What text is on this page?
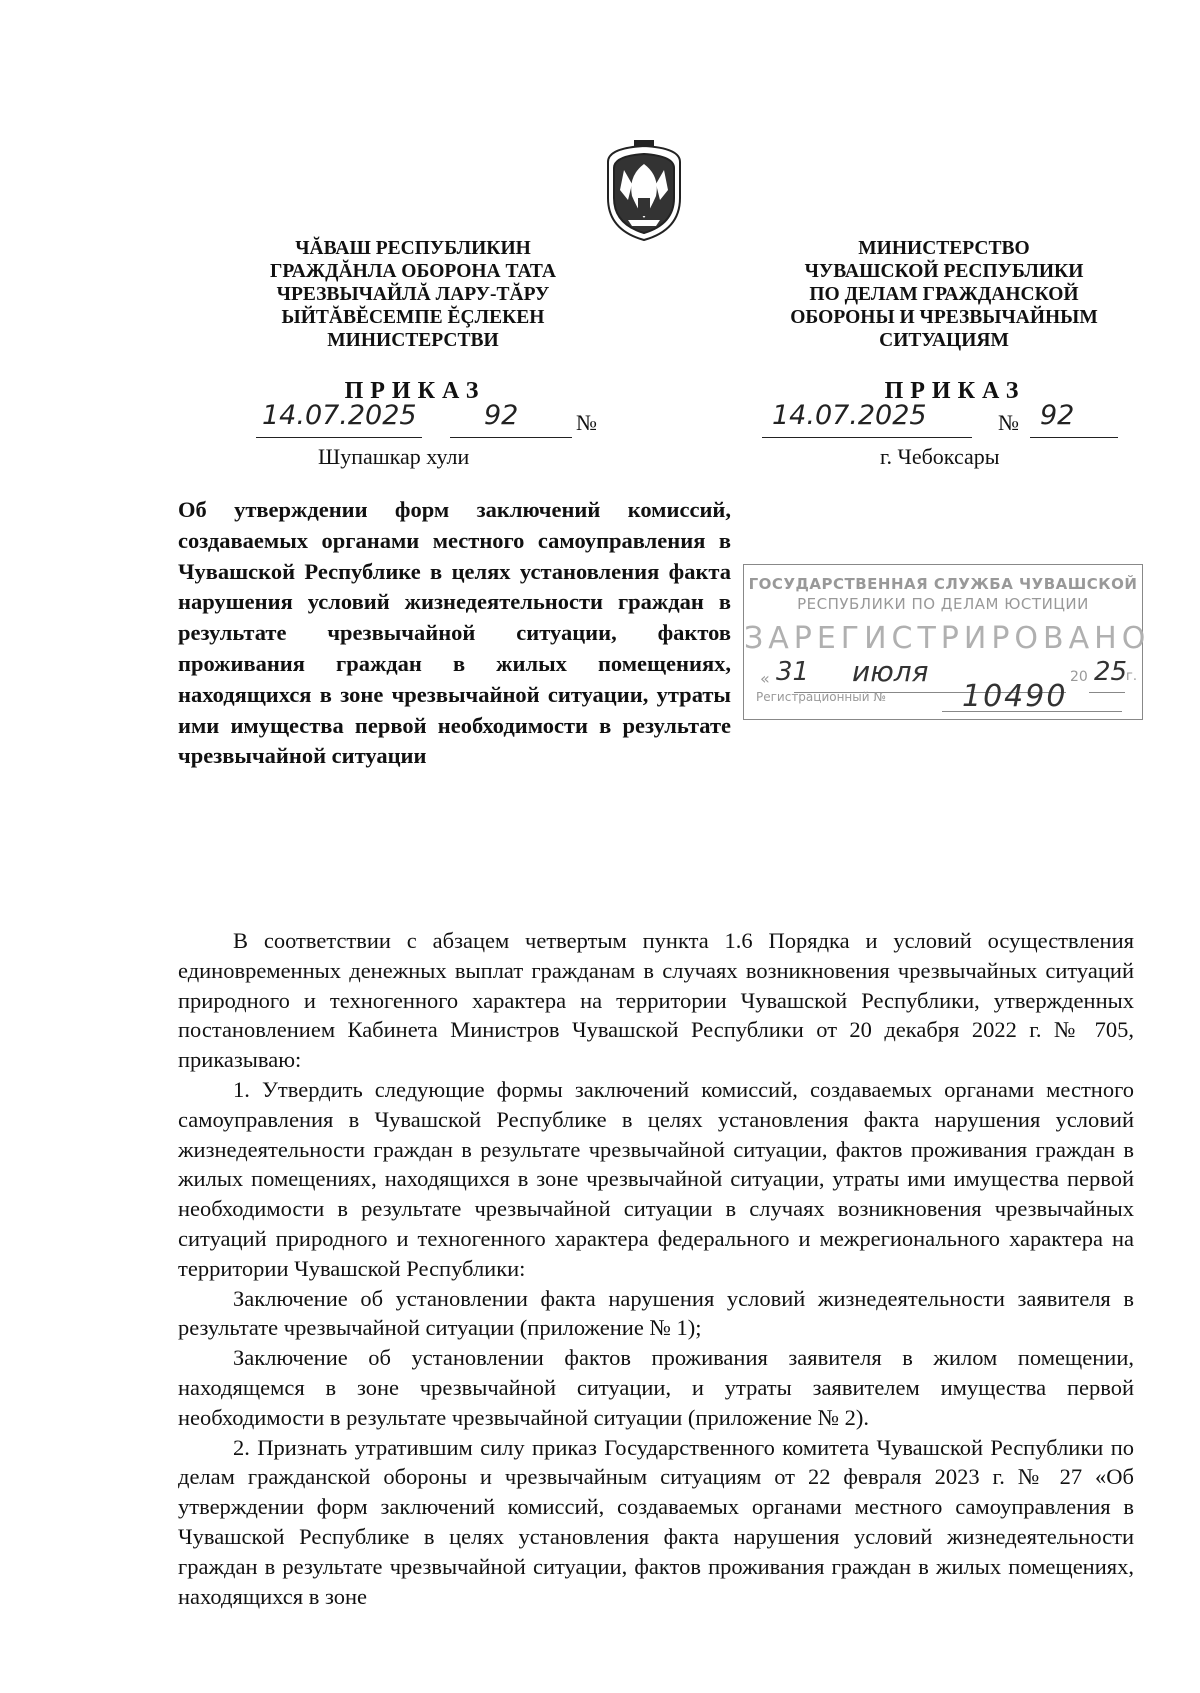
ЧĂВАШ РЕСПУБЛИКИН
ГРАЖДĂНЛА ОБОРОНА ТАТА
ЧРЕЗВЫЧАЙЛĂ ЛАРУ-ТĂРУ
ЫЙТĂВĔСЕМПЕ ĔÇЛЕКЕН
МИНИСТЕРСТВИ
МИНИСТЕРСТВО
ЧУВАШСКОЙ РЕСПУБЛИКИ
ПО ДЕЛАМ ГРАЖДАНСКОЙ
ОБОРОНЫ И ЧРЕЗВЫЧАЙНЫМ
СИТУАЦИЯМ
ПРИКАЗ	ПРИКАЗ
14.07.2025 92	№
Шупашкар хули
14.07.2025	№ 92
г. Чебоксары
Об утверждении форм заключений комиссий, создаваемых органами местного самоуправления в Чувашской Республике в целях установления факта нарушения условий жизнедеятельности граждан в результате чрезвычайной ситуации, фактов проживания граждан в жилых помещениях, находящихся в зоне чрезвычайной ситуации, утраты ими имущества первой необходимости в результате чрезвычайной ситуации
ГОСУДАРСТВЕННАЯ СЛУЖБА ЧУВАШСКОЙ
РЕСПУБЛИКИ ПО ДЕЛАМ ЮСТИЦИИ
ЗАРЕГИСТРИРОВАНО
« 31 июля	20 25
г.
Регистрационный №	10490

В соответствии с абзацем четвертым пункта 1.6 Порядка и условий осуществления единовременных денежных выплат гражданам в случаях возникновения чрезвычайных ситуаций природного и техногенного характера на территории Чувашской Республики, утвержденных постановлением Кабинета Министров Чувашской Республики от 20 декабря 2022 г. № 705, приказываю:

1. Утвердить следующие формы заключений комиссий, создаваемых органами местного самоуправления в Чувашской Республике в целях установления факта нарушения условий жизнедеятельности граждан в результате чрезвычайной ситуации, фактов проживания граждан в жилых помещениях, находящихся в зоне чрезвычайной ситуации, утраты ими имущества первой необходимости в результате чрезвычайной ситуации в случаях возникновения чрезвычайных ситуаций природного и техногенного характера федерального и межрегионального характера на территории Чувашской Республики:

Заключение об установлении факта нарушения условий жизнедеятельности заявителя в результате чрезвычайной ситуации (приложение № 1);

Заключение об установлении фактов проживания заявителя в жилом помещении, находящемся в зоне чрезвычайной ситуации, и утраты заявителем имущества первой необходимости в результате чрезвычайной ситуации (приложение № 2).

2. Признать утратившим силу приказ Государственного комитета Чувашской Республики по делам гражданской обороны и чрезвычайным ситуациям от 22 февраля 2023 г. № 27 «Об утверждении форм заключений комиссий, создаваемых органами местного самоуправления в Чувашской Республике в целях установления факта нарушения условий жизнедеятельности граждан в результате чрезвычайной ситуации, фактов проживания граждан в жилых помещениях, находящихся в зоне
